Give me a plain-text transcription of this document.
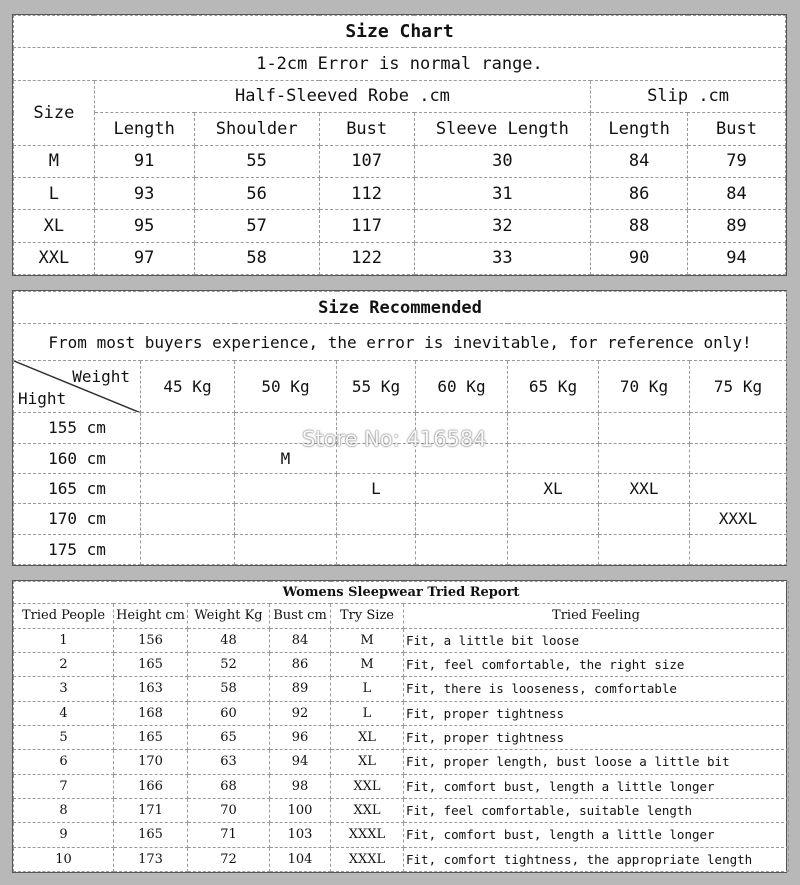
Size Chart						
1-2cm Error is normal range.						
Size	Half-Sleeved Robe .cm				Slip .cm	
	Length	Shoulder	Bust	Sleeve Length	Length	Bust
M	91	55	107	30	84	79
L	93	56	112	31	86	84
XL	95	57	117	32	88	89
XXL	97	58	122	33	90	94
Size Recommended							
From most buyers experience, the error is inevitable, for reference only!							

Weight
Hight	45 Kg	50 Kg	55 Kg	60 Kg	65 Kg	70 Kg	75 Kg
155 cm							
160 cm		M					
165 cm			L		XL	XXL	
170 cm							XXXL
175 cm							
Womens Sleepwear Tried Report					
Tried People	Height cm	Weight Kg	Bust cm	Try Size	Tried Feeling
1	156	48	84	M	Fit, a little bit loose
2	165	52	86	M	Fit, feel comfortable, the right size
3	163	58	89	L	Fit, there is looseness, comfortable
4	168	60	92	L	Fit, proper tightness
5	165	65	96	XL	Fit, proper tightness
6	170	63	94	XL	Fit, proper length, bust loose a little bit
7	166	68	98	XXL	Fit, comfort bust, length a little longer
8	171	70	100	XXL	Fit, feel comfortable, suitable length
9	165	71	103	XXXL	Fit, comfort bust, length a little longer
10	173	72	104	XXXL	Fit, comfort tightness, the appropriate length
Store No: 416584
